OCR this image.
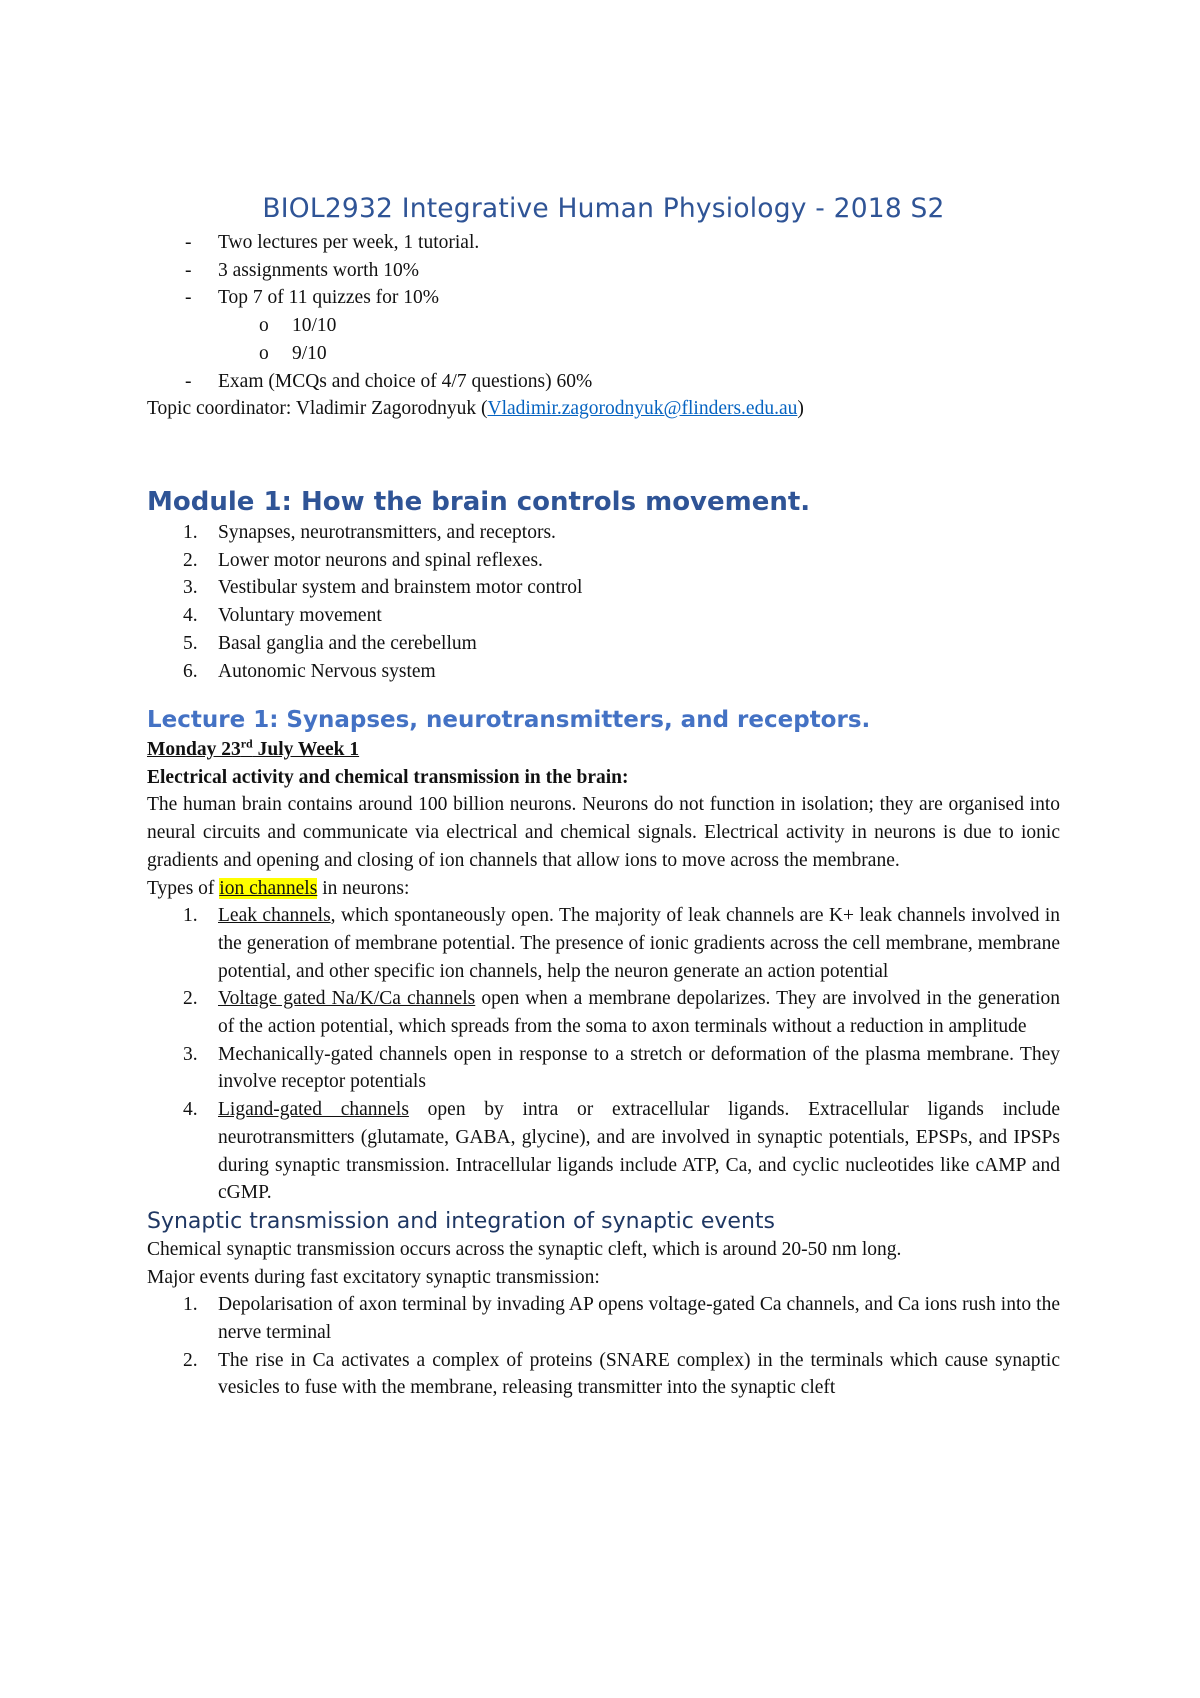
BIOL2932 Integrative Human Physiology - 2018 S2
- Two lectures per week, 1 tutorial.
- 3 assignments worth 10%
- Top 7 of 11 quizzes for 10%
o 10/10
o 9/10
- Exam (MCQs and choice of 4/7 questions) 60%

Topic coordinator: Vladimir Zagorodnyuk (Vladimir.zagorodnyuk@flinders.edu.au)

Module 1: How the brain controls movement.
1. Synapses, neurotransmitters, and receptors.
2. Lower motor neurons and spinal reflexes.
3. Vestibular system and brainstem motor control
4. Voluntary movement
5. Basal ganglia and the cerebellum
6. Autonomic Nervous system
Lecture 1: Synapses, neurotransmitters, and receptors.

Monday 23rd July Week 1

Electrical activity and chemical transmission in the brain:

The human brain contains around 100 billion neurons. Neurons do not function in isolation; they are organised into neural circuits and communicate via electrical and chemical signals. Electrical activity in neurons is due to ionic gradients and opening and closing of ion channels that allow ions to move across the membrane.

Types of ion channels in neurons:

1. Leak channels, which spontaneously open. The majority of leak channels are K+ leak channels involved in the generation of membrane potential. The presence of ionic gradients across the cell membrane, membrane potential, and other specific ion channels, help the neuron generate an action potential
2. Voltage gated Na/K/Ca channels open when a membrane depolarizes. They are involved in the generation of the action potential, which spreads from the soma to axon terminals without a reduction in amplitude
3. Mechanically-gated channels open in response to a stretch or deformation of the plasma membrane. They involve receptor potentials
4. Ligand-gated channels open by intra or extracellular ligands. Extracellular ligands include neurotransmitters (glutamate, GABA, glycine), and are involved in synaptic potentials, EPSPs, and IPSPs during synaptic transmission. Intracellular ligands include ATP, Ca, and cyclic nucleotides like cAMP and cGMP.
Synaptic transmission and integration of synaptic events

Chemical synaptic transmission occurs across the synaptic cleft, which is around 20-50 nm long.

Major events during fast excitatory synaptic transmission:

1. Depolarisation of axon terminal by invading AP opens voltage-gated Ca channels, and Ca ions rush into the nerve terminal
2. The rise in Ca activates a complex of proteins (SNARE complex) in the terminals which cause synaptic vesicles to fuse with the membrane, releasing transmitter into the synaptic cleft
